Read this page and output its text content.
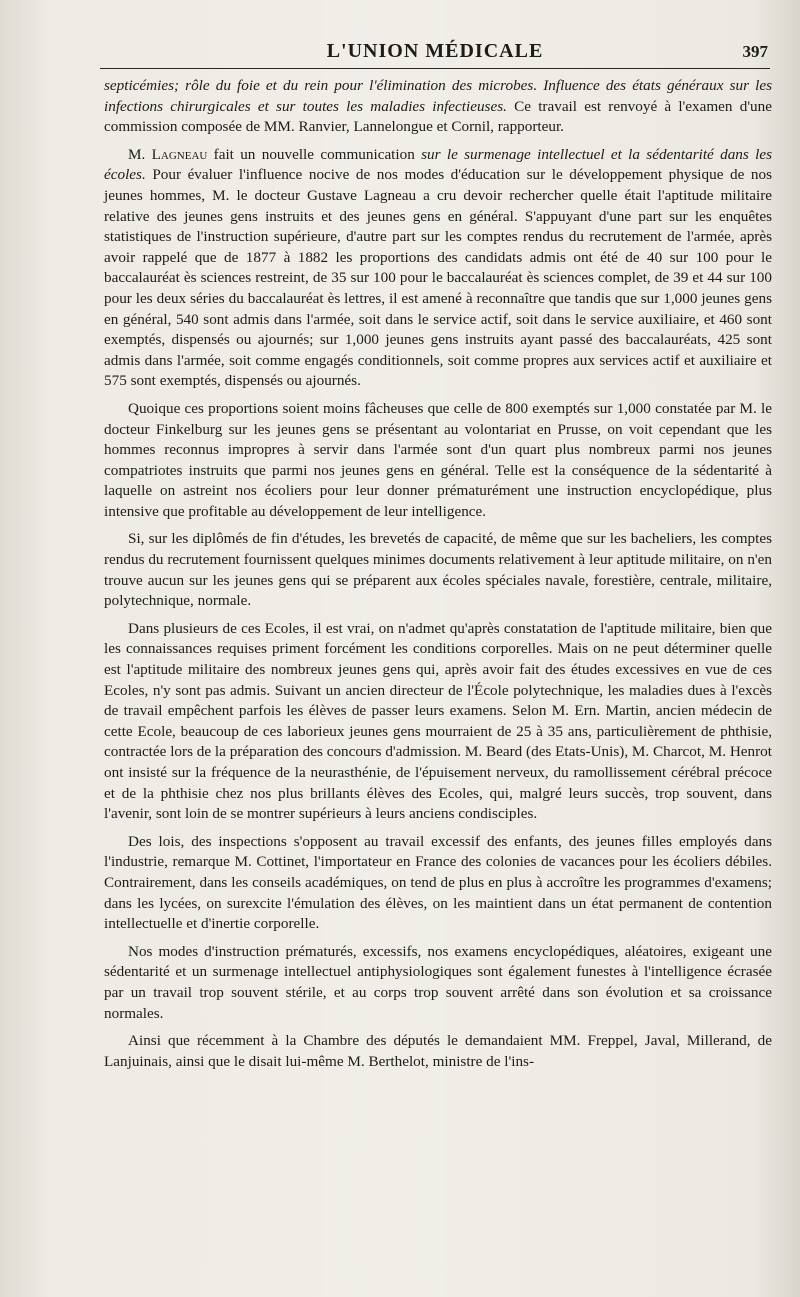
L'UNION MÉDICALE	397

septicémies; rôle du foie et du rein pour l'élimination des microbes. Influence des états généraux sur les infections chirurgicales et sur toutes les maladies infectieuses. Ce travail est renvoyé à l'examen d'une commission composée de MM. Ranvier, Lannelongue et Cornil, rapporteur.

M. Lagneau fait un nouvelle communication sur le surmenage intellectuel et la sédentarité dans les écoles. Pour évaluer l'influence nocive de nos modes d'éducation sur le développement physique de nos jeunes hommes, M. le docteur Gustave Lagneau a cru devoir rechercher quelle était l'aptitude militaire relative des jeunes gens instruits et des jeunes gens en général. S'appuyant d'une part sur les enquêtes statistiques de l'instruction supérieure, d'autre part sur les comptes rendus du recrutement de l'armée, après avoir rappelé que de 1877 à 1882 les proportions des candidats admis ont été de 40 sur 100 pour le baccalauréat ès sciences restreint, de 35 sur 100 pour le baccalauréat ès sciences complet, de 39 et 44 sur 100 pour les deux séries du baccalauréat ès lettres, il est amené à reconnaître que tandis que sur 1,000 jeunes gens en général, 540 sont admis dans l'armée, soit dans le service actif, soit dans le service auxiliaire, et 460 sont exemptés, dispensés ou ajournés; sur 1,000 jeunes gens instruits ayant passé des baccalauréats, 425 sont admis dans l'armée, soit comme engagés conditionnels, soit comme propres aux services actif et auxiliaire et 575 sont exemptés, dispensés ou ajournés.

Quoique ces proportions soient moins fâcheuses que celle de 800 exemptés sur 1,000 constatée par M. le docteur Finkelburg sur les jeunes gens se présentant au volontariat en Prusse, on voit cependant que les hommes reconnus impropres à servir dans l'armée sont d'un quart plus nombreux parmi nos jeunes compatriotes instruits que parmi nos jeunes gens en général. Telle est la conséquence de la sédentarité à laquelle on astreint nos écoliers pour leur donner prématurément une instruction encyclopédique, plus intensive que profitable au développement de leur intelligence.

Si, sur les diplômés de fin d'études, les brevetés de capacité, de même que sur les bacheliers, les comptes rendus du recrutement fournissent quelques minimes documents relativement à leur aptitude militaire, on n'en trouve aucun sur les jeunes gens qui se préparent aux écoles spéciales navale, forestière, centrale, militaire, polytechnique, normale.

Dans plusieurs de ces Ecoles, il est vrai, on n'admet qu'après constatation de l'aptitude militaire, bien que les connaissances requises priment forcément les conditions corporelles. Mais on ne peut déterminer quelle est l'aptitude militaire des nombreux jeunes gens qui, après avoir fait des études excessives en vue de ces Ecoles, n'y sont pas admis. Suivant un ancien directeur de l'École polytechnique, les maladies dues à l'excès de travail empêchent parfois les élèves de passer leurs examens. Selon M. Ern. Martin, ancien médecin de cette Ecole, beaucoup de ces laborieux jeunes gens mourraient de 25 à 35 ans, particulièrement de phthisie, contractée lors de la préparation des concours d'admission. M. Beard (des Etats-Unis), M. Charcot, M. Henrot ont insisté sur la fréquence de la neurasthénie, de l'épuisement nerveux, du ramollissement cérébral précoce et de la phthisie chez nos plus brillants élèves des Ecoles, qui, malgré leurs succès, trop souvent, dans l'avenir, sont loin de se montrer supérieurs à leurs anciens condisciples.

Des lois, des inspections s'opposent au travail excessif des enfants, des jeunes filles employés dans l'industrie, remarque M. Cottinet, l'importateur en France des colonies de vacances pour les écoliers débiles. Contrairement, dans les conseils académiques, on tend de plus en plus à accroître les programmes d'examens; dans les lycées, on surexcite l'émulation des élèves, on les maintient dans un état permanent de contention intellectuelle et d'inertie corporelle.

Nos modes d'instruction prématurés, excessifs, nos examens encyclopédiques, aléatoires, exigeant une sédentarité et un surmenage intellectuel antiphysiologiques sont également funestes à l'intelligence écrasée par un travail trop souvent stérile, et au corps trop souvent arrêté dans son évolution et sa croissance normales.

Ainsi que récemment à la Chambre des députés le demandaient MM. Freppel, Javal, Millerand, de Lanjuinais, ainsi que le disait lui-même M. Berthelot, ministre de l'ins-
